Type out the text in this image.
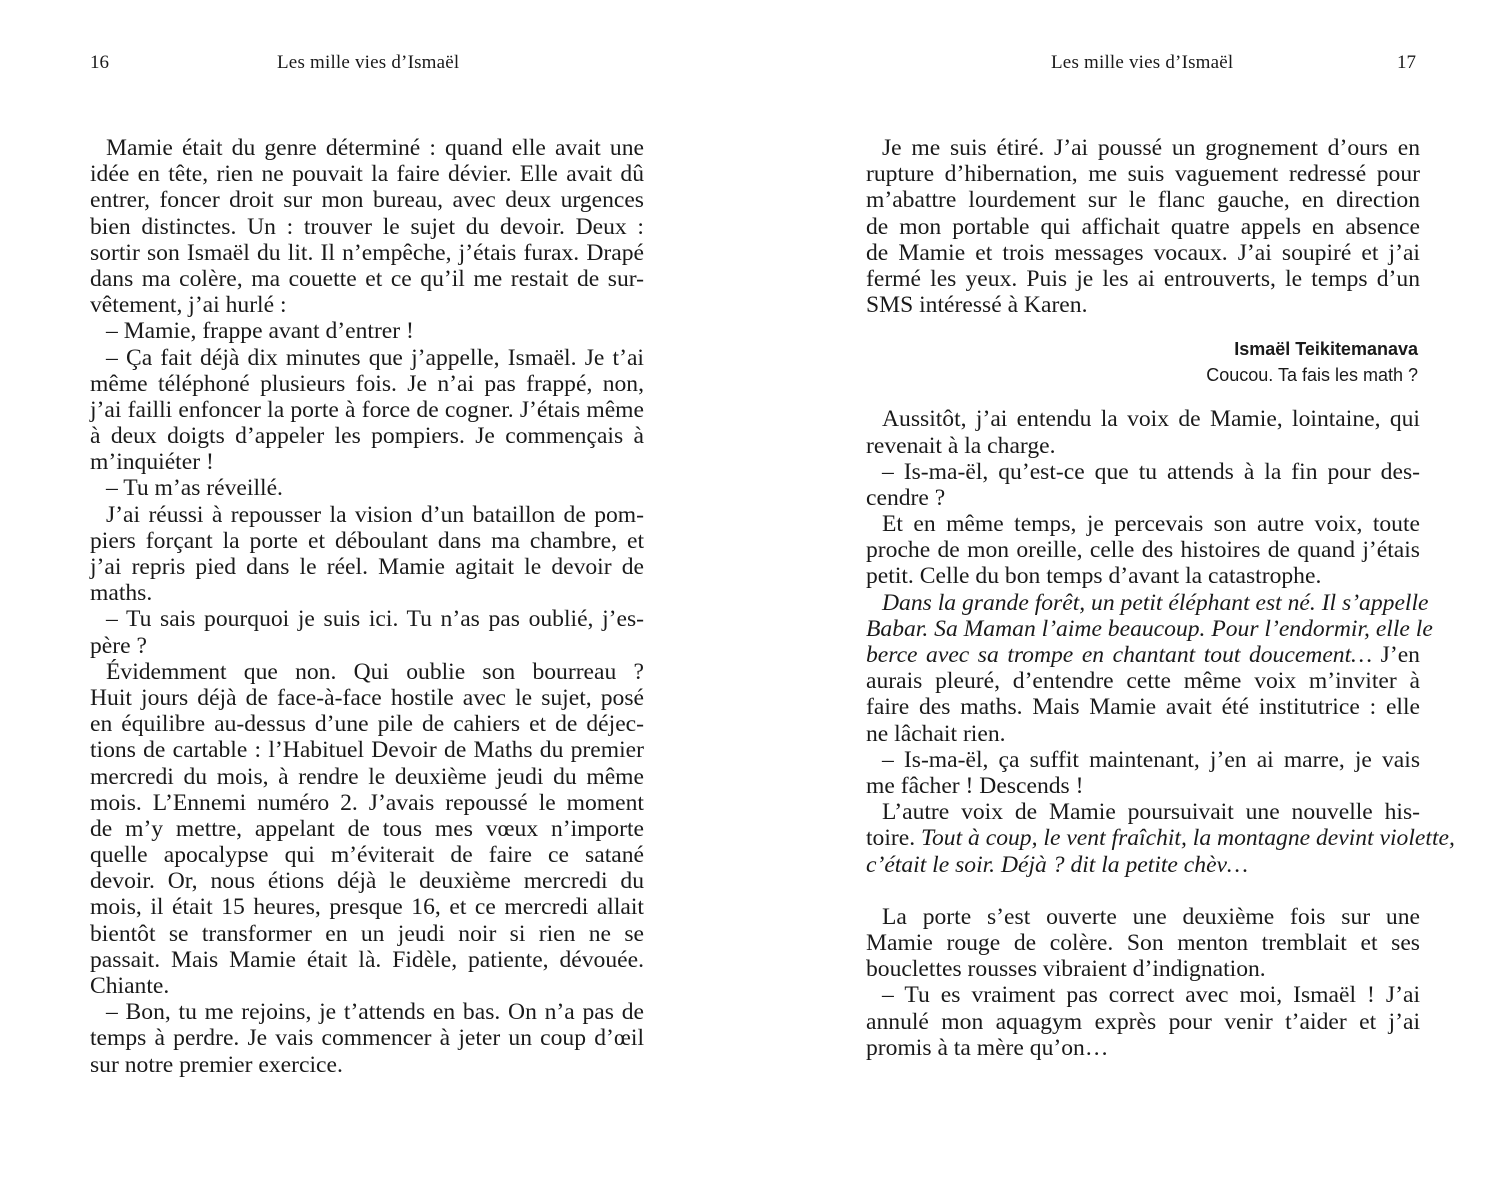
16	Les mille vies d’Ismaël
Mamie était du genre déterminé : quand elle avait une
idée en tête, rien ne pouvait la faire dévier. Elle avait dû
entrer, foncer droit sur mon bureau, avec deux urgences
bien distinctes. Un : trouver le sujet du devoir. Deux :
sortir son Ismaël du lit. Il n’empêche, j’étais furax. Drapé
dans ma colère, ma couette et ce qu’il me restait de sur-
vêtement, j’ai hurlé :
– Mamie, frappe avant d’entrer !
– Ça fait déjà dix minutes que j’appelle, Ismaël. Je t’ai
même téléphoné plusieurs fois. Je n’ai pas frappé, non,
j’ai failli enfoncer la porte à force de cogner. J’étais même
à deux doigts d’appeler les pompiers. Je commençais à
m’inquiéter !
– Tu m’as réveillé.
J’ai réussi à repousser la vision d’un bataillon de pom-
piers forçant la porte et déboulant dans ma chambre, et
j’ai repris pied dans le réel. Mamie agitait le devoir de
maths.
– Tu sais pourquoi je suis ici. Tu n’as pas oublié, j’es-
père ?
Évidemment que non. Qui oublie son bourreau ?
Huit jours déjà de face-à-face hostile avec le sujet, posé
en équilibre au-dessus d’une pile de cahiers et de déjec-
tions de cartable : l’Habituel Devoir de Maths du premier
mercredi du mois, à rendre le deuxième jeudi du même
mois. L’Ennemi numéro 2. J’avais repoussé le moment
de m’y mettre, appelant de tous mes vœux n’importe
quelle apocalypse qui m’éviterait de faire ce satané
devoir. Or, nous étions déjà le deuxième mercredi du
mois, il était 15 heures, presque 16, et ce mercredi allait
bientôt se transformer en un jeudi noir si rien ne se
passait. Mais Mamie était là. Fidèle, patiente, dévouée.
Chiante.
– Bon, tu me rejoins, je t’attends en bas. On n’a pas de
temps à perdre. Je vais commencer à jeter un coup d’œil
sur notre premier exercice.
Les mille vies d’Ismaël	17
Je me suis étiré. J’ai poussé un grognement d’ours en
rupture d’hibernation, me suis vaguement redressé pour
m’abattre lourdement sur le flanc gauche, en direction
de mon portable qui affichait quatre appels en absence
de Mamie et trois messages vocaux. J’ai soupiré et j’ai
fermé les yeux. Puis je les ai entrouverts, le temps d’un
SMS intéressé à Karen.
Ismaël Teikitemanava
Coucou. Ta fais les math ?
Aussitôt, j’ai entendu la voix de Mamie, lointaine, qui
revenait à la charge.
– Is-ma-ël, qu’est-ce que tu attends à la fin pour des-
cendre ?
Et en même temps, je percevais son autre voix, toute
proche de mon oreille, celle des histoires de quand j’étais
petit. Celle du bon temps d’avant la catastrophe.
Dans la grande forêt, un petit éléphant est né. Il s’appelle
Babar. Sa Maman l’aime beaucoup. Pour l’endormir, elle le
berce avec sa trompe en chantant tout doucement… J’en
aurais pleuré, d’entendre cette même voix m’inviter à
faire des maths. Mais Mamie avait été institutrice : elle
ne lâchait rien.
– Is-ma-ël, ça suffit maintenant, j’en ai marre, je vais
me fâcher ! Descends !
L’autre voix de Mamie poursuivait une nouvelle his-
toire. Tout à coup, le vent fraîchit, la montagne devint violette,
c’était le soir. Déjà ? dit la petite chèv…
La porte s’est ouverte une deuxième fois sur une
Mamie rouge de colère. Son menton tremblait et ses
bouclettes rousses vibraient d’indignation.
– Tu es vraiment pas correct avec moi, Ismaël ! J’ai
annulé mon aquagym exprès pour venir t’aider et j’ai
promis à ta mère qu’on…
